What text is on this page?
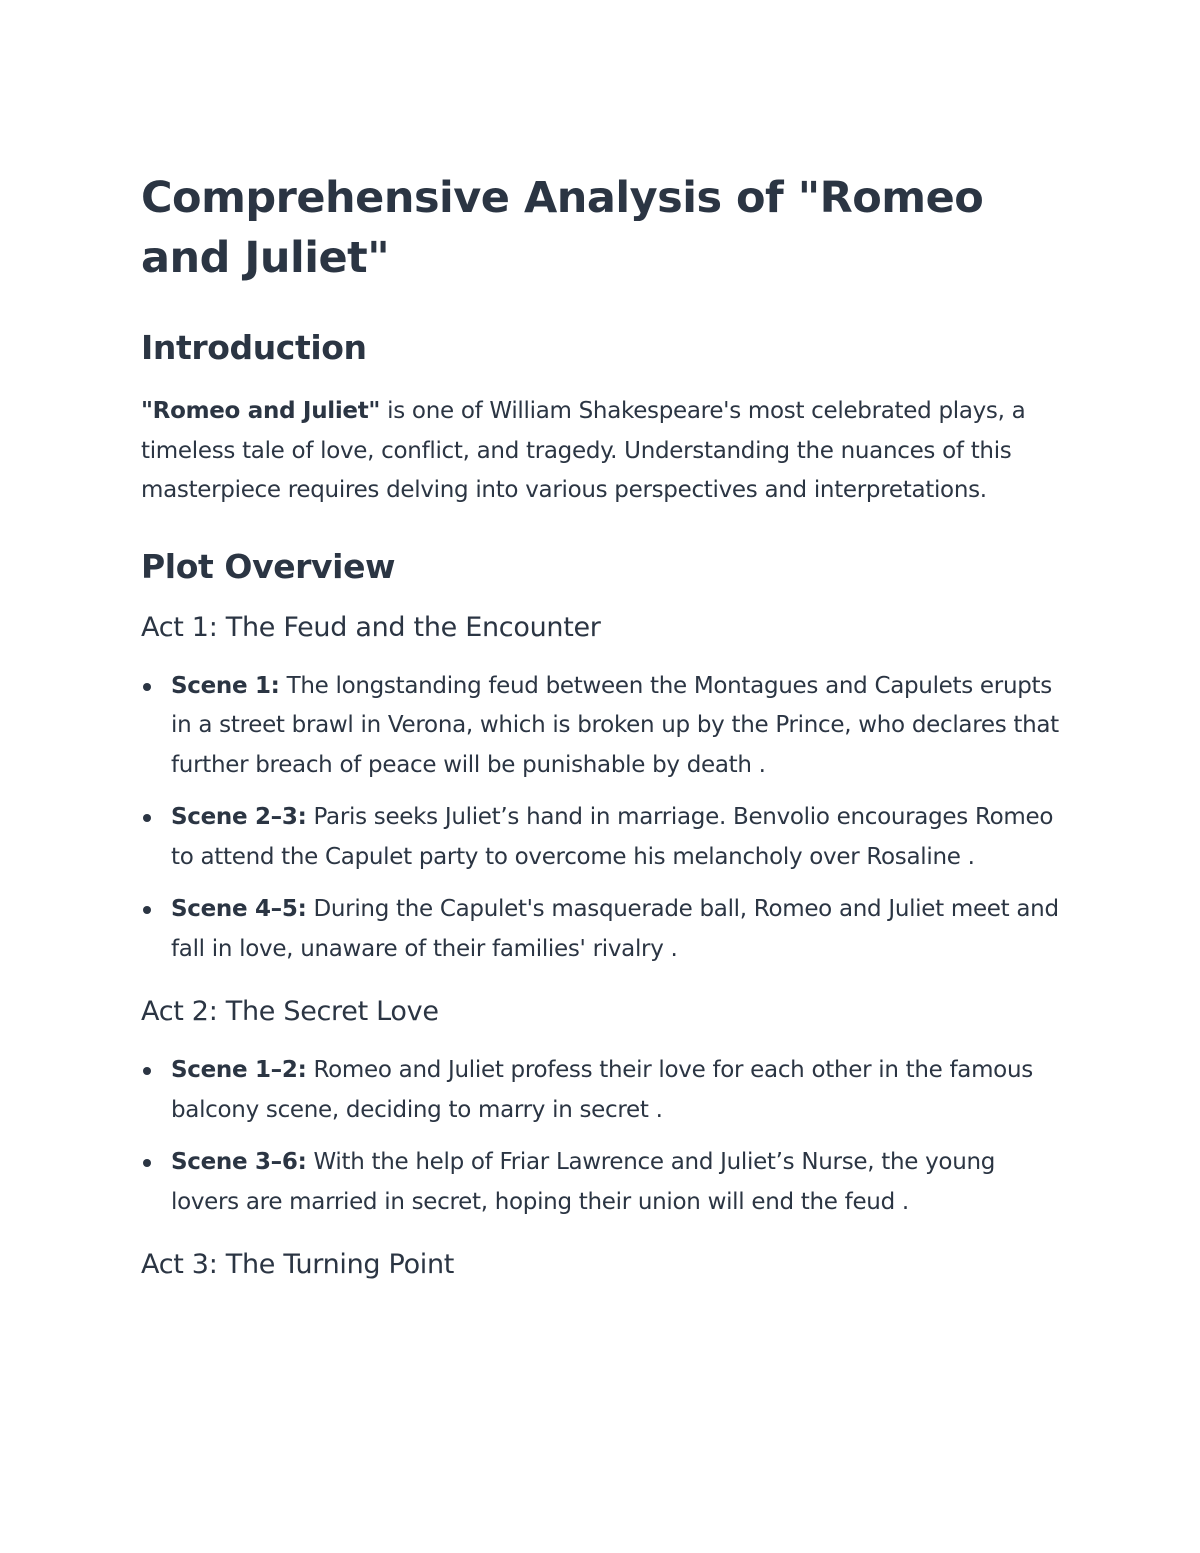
Comprehensive Analysis of "Romeo and Juliet"
Introduction

"Romeo and Juliet" is one of William Shakespeare's most celebrated plays, a timeless tale of love, conflict, and tragedy. Understanding the nuances of this masterpiece requires delving into various perspectives and interpretations.

Plot Overview
Act 1: The Feud and the Encounter
Scene 1: The longstanding feud between the Montagues and Capulets erupts in a street brawl in Verona, which is broken up by the Prince, who declares that further breach of peace will be punishable by death .
Scene 2–3: Paris seeks Juliet’s hand in marriage. Benvolio encourages Romeo to attend the Capulet party to overcome his melancholy over Rosaline .
Scene 4–5: During the Capulet's masquerade ball, Romeo and Juliet meet and fall in love, unaware of their families' rivalry .
Act 2: The Secret Love
Scene 1–2: Romeo and Juliet profess their love for each other in the famous balcony scene, deciding to marry in secret .
Scene 3–6: With the help of Friar Lawrence and Juliet’s Nurse, the young lovers are married in secret, hoping their union will end the feud .
Act 3: The Turning Point
